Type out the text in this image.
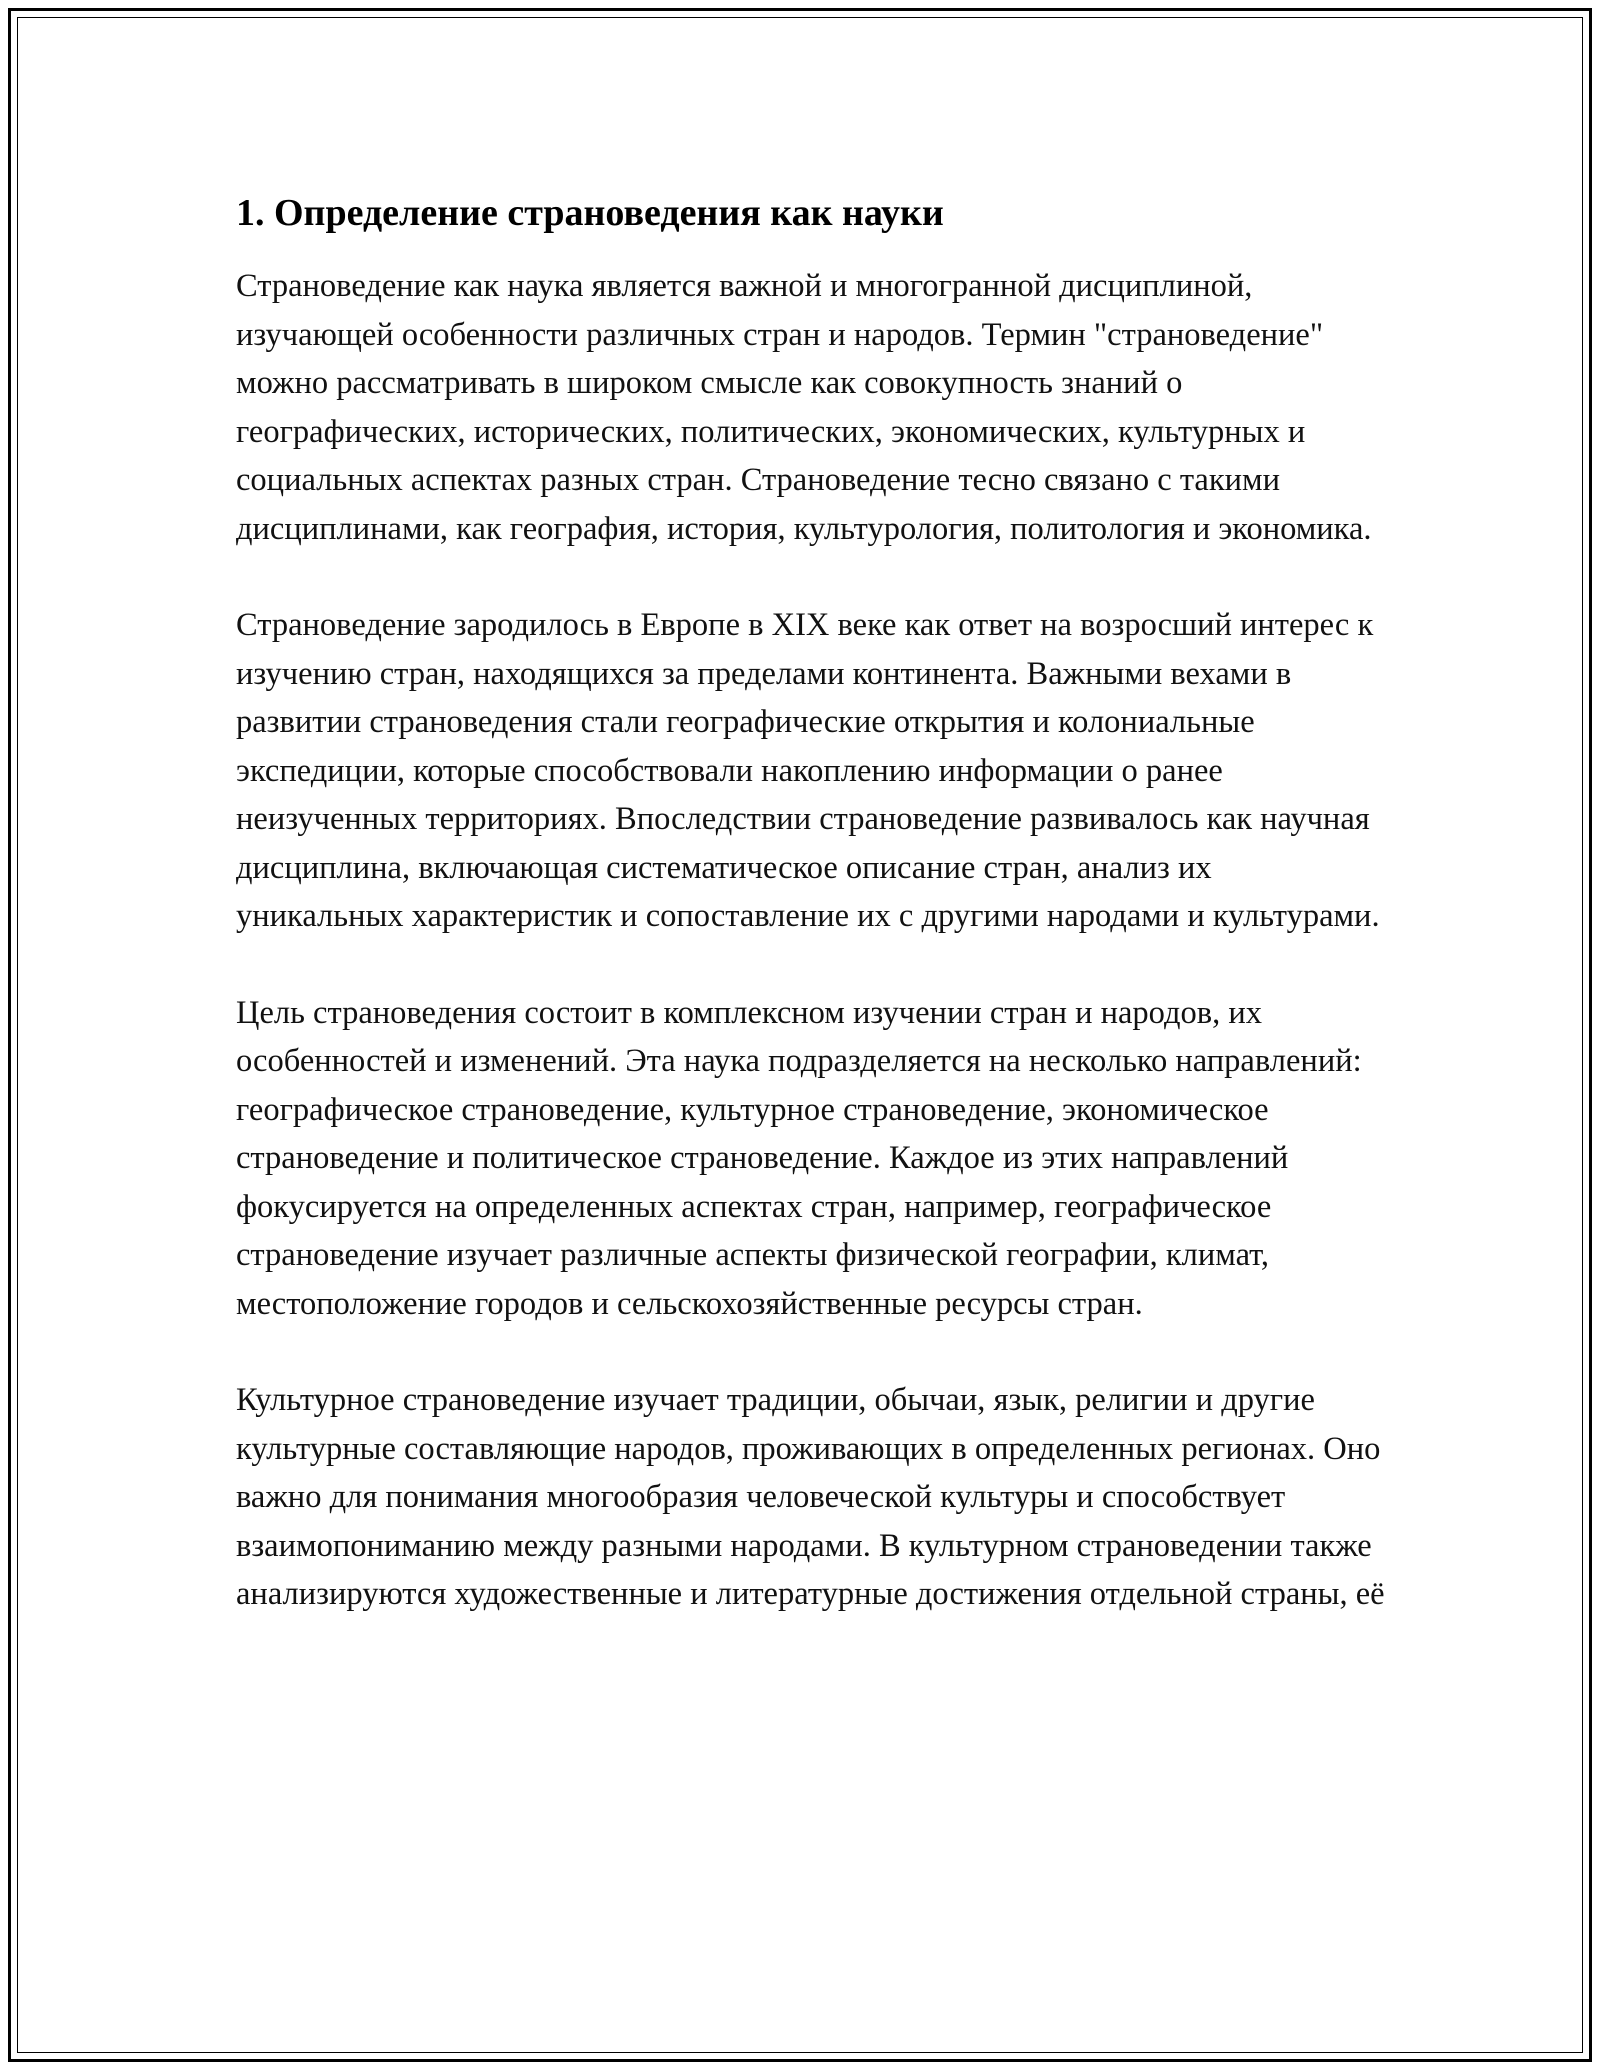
1. Определение страноведения как науки

Страноведение как наука является важной и многогранной дисциплиной, изучающей особенности различных стран и народов. Термин "страноведение" можно рассматривать в широком смысле как совокупность знаний о географических, исторических, политических, экономических, культурных и социальных аспектах разных стран. Страноведение тесно связано с такими дисциплинами, как география, история, культурология, политология и экономика.

Страноведение зародилось в Европе в XIX веке как ответ на возросший интерес к изучению стран, находящихся за пределами континента. Важными вехами в развитии страноведения стали географические открытия и колониальные экспедиции, которые способствовали накоплению информации о ранее неизученных территориях. Впоследствии страноведение развивалось как научная дисциплина, включающая систематическое описание стран, анализ их уникальных характеристик и сопоставление их с другими народами и культурами.

Цель страноведения состоит в комплексном изучении стран и народов, их особенностей и изменений. Эта наука подразделяется на несколько направлений: географическое страноведение, культурное страноведение, экономическое страноведение и политическое страноведение. Каждое из этих направлений фокусируется на определенных аспектах стран, например, географическое страноведение изучает различные аспекты физической географии, климат, местоположение городов и сельскохозяйственные ресурсы стран.

Культурное страноведение изучает традиции, обычаи, язык, религии и другие культурные составляющие народов, проживающих в определенных регионах. Оно важно для понимания многообразия человеческой культуры и способствует взаимопониманию между разными народами. В культурном страноведении также анализируются художественные и литературные достижения отдельной страны, её
